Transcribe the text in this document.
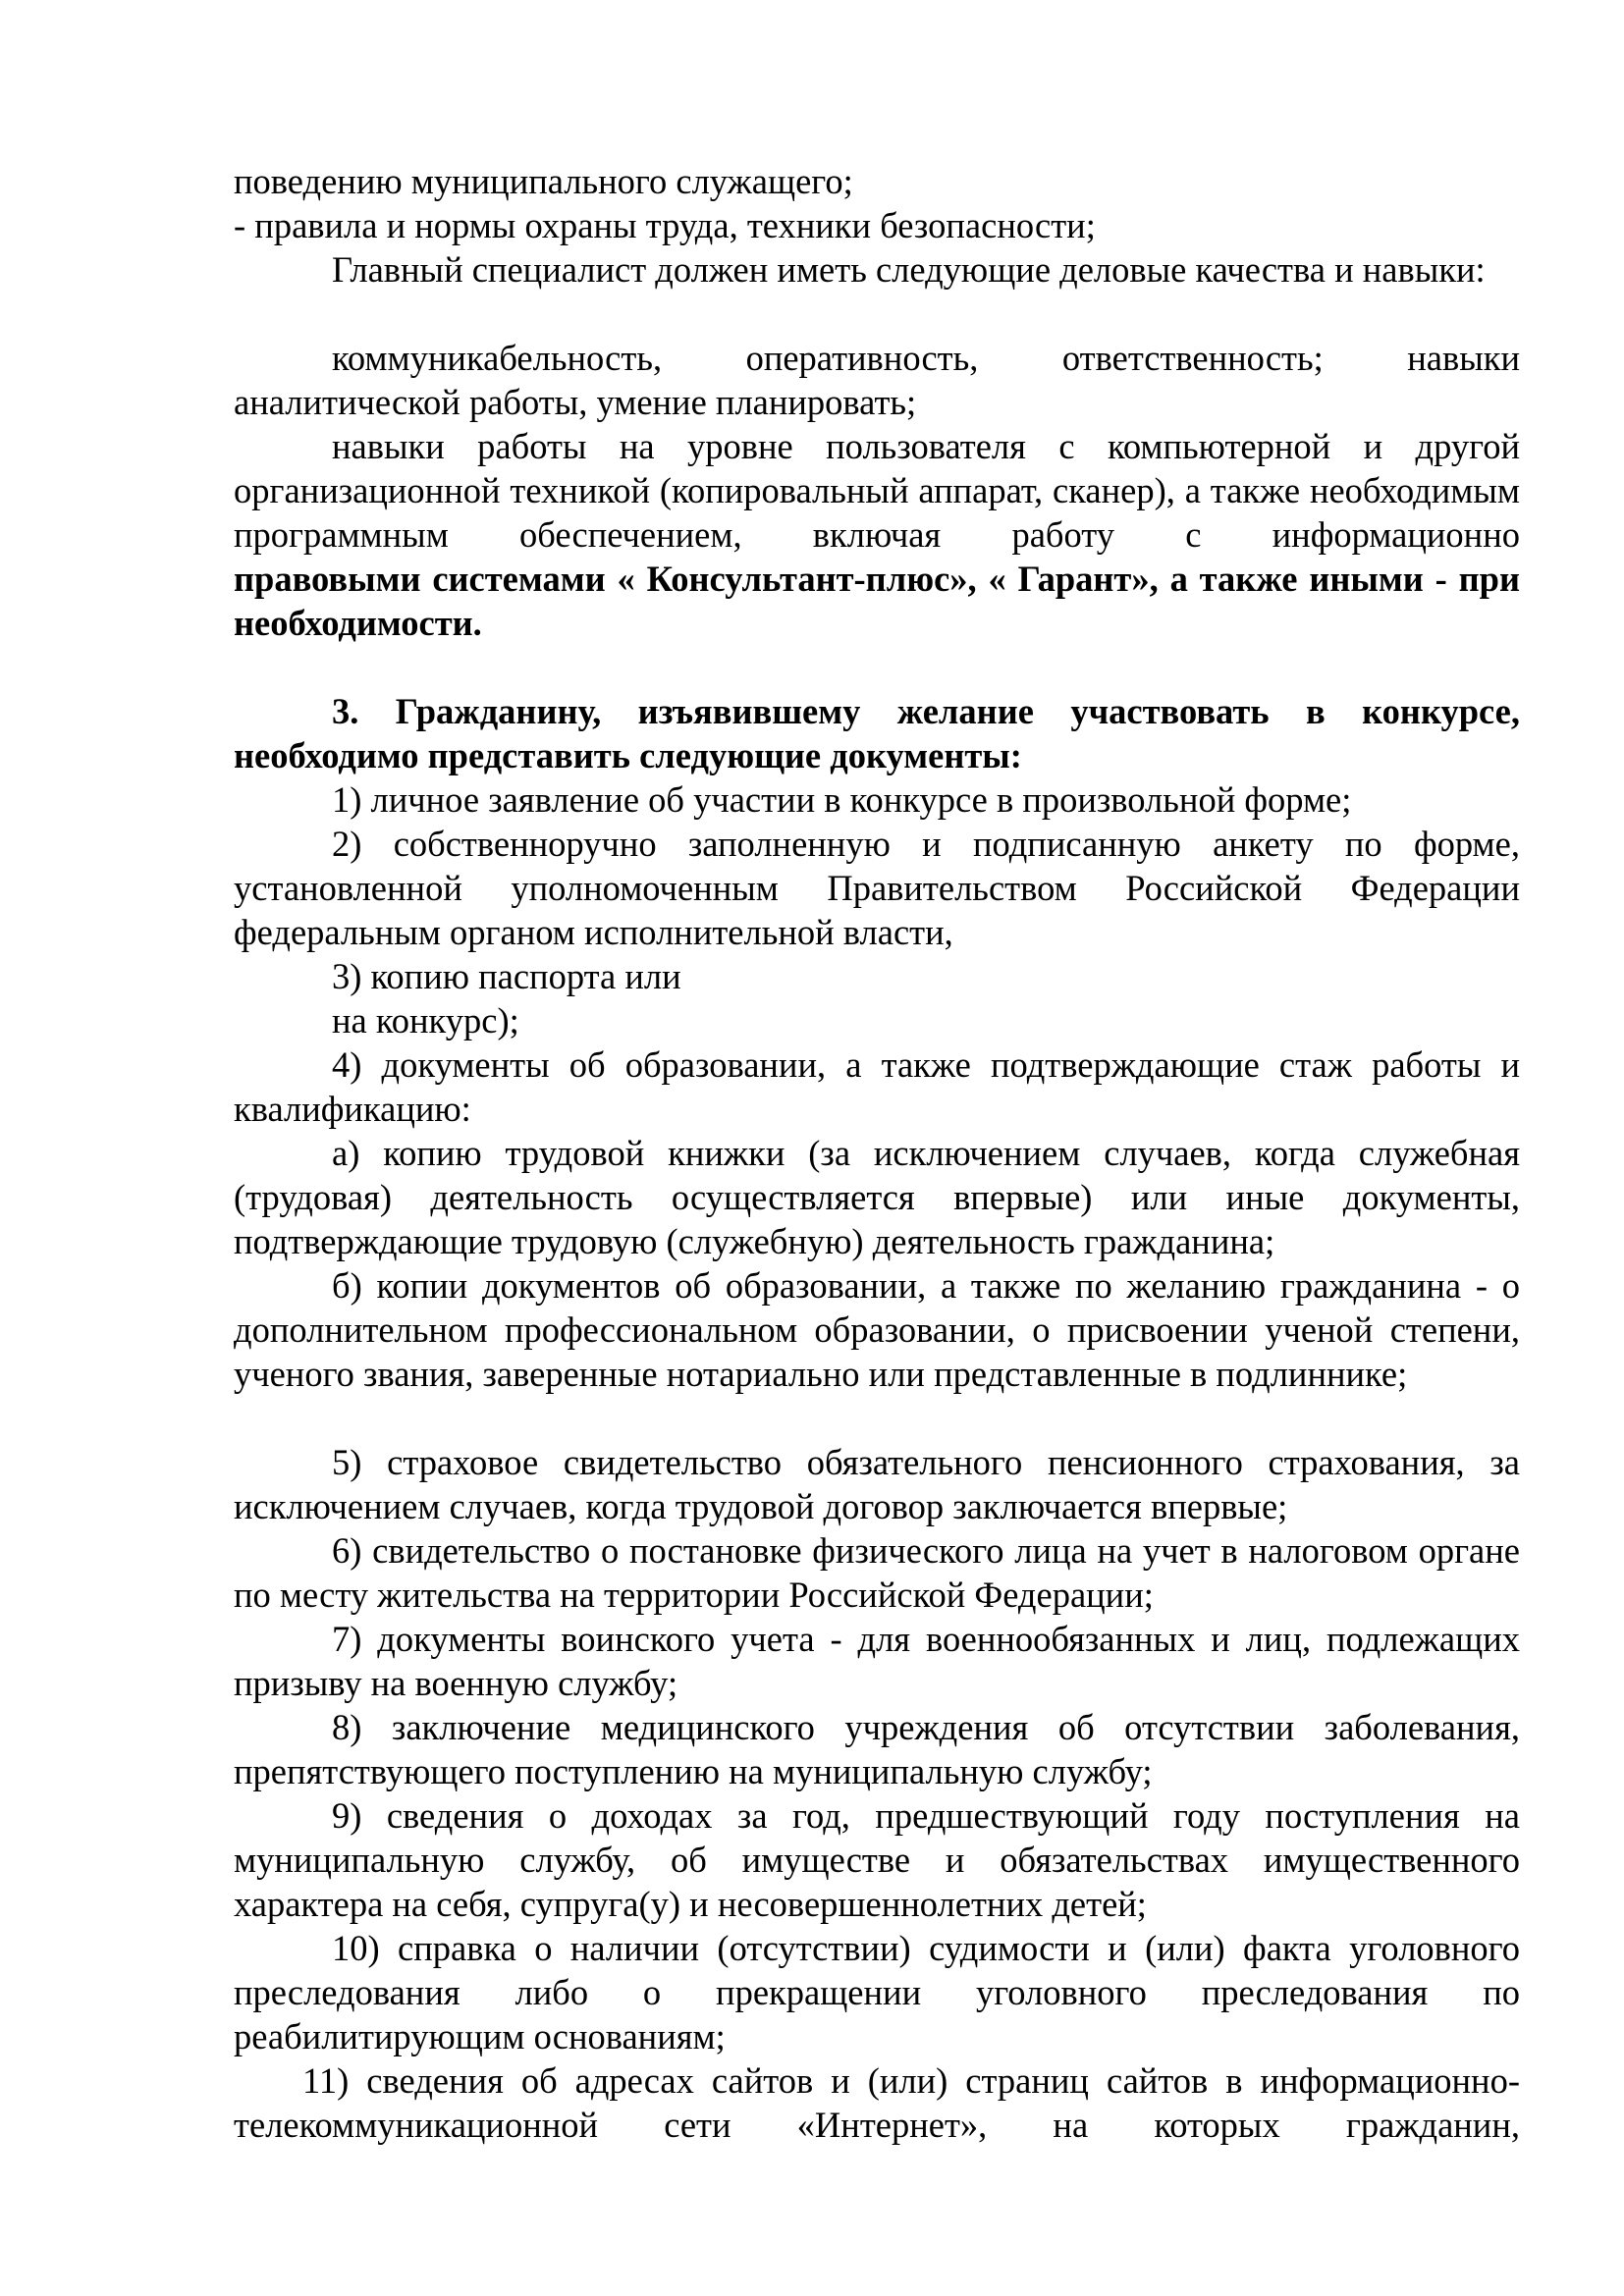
поведению муниципального служащего;

- правила и нормы охраны труда, техники безопасности;

Главный специалист должен иметь следующие деловые качества и навыки:

коммуникабельность, оперативность, ответственность; навыки аналитической работы, умение планировать;

навыки работы на уровне пользователя с компьютерной и другой организационной техникой (копировальный аппарат, сканер), а также необходимым программным обеспечением, включая работу с информационно

правовыми системами « Консультант-плюс», « Гарант», а также иными - при необходимости.

3. Гражданину, изъявившему желание участвовать в конкурсе, необходимо представить следующие документы:

1) личное заявление об участии в конкурсе в произвольной форме;

2) собственноручно заполненную и подписанную анкету по форме, установленной уполномоченным Правительством Российской Федерации федеральным органом исполнительной власти,

3) копию паспорта или

на конкурс);

4) документы об образовании, а также подтверждающие стаж работы и квалификацию:

а) копию трудовой книжки (за исключением случаев, когда служебная (трудовая) деятельность осуществляется впервые) или иные документы, подтверждающие трудовую (служебную) деятельность гражданина;

б) копии документов об образовании, а также по желанию гражданина - о дополнительном профессиональном образовании, о присвоении ученой степени, ученого звания, заверенные нотариально или представленные в подлиннике;

5) страховое свидетельство обязательного пенсионного страхования, за исключением случаев, когда трудовой договор заключается впервые;

6) свидетельство о постановке физического лица на учет в налоговом органе по месту жительства на территории Российской Федерации;

7) документы воинского учета - для военнообязанных и лиц, подлежащих призыву на военную службу;

8) заключение медицинского учреждения об отсутствии заболевания, препятствующего поступлению на муниципальную службу;

9) сведения о доходах за год, предшествующий году поступления на муниципальную службу, об имуществе и обязательствах имущественного характера на себя, супруга(у) и несовершеннолетних детей;

10) справка о наличии (отсутствии) судимости и (или) факта уголовного преследования либо о прекращении уголовного преследования по реабилитирующим основаниям;

11) сведения об адресах сайтов и (или) страниц сайтов в информационно-телекоммуникационной сети «Интернет», на которых гражданин,
